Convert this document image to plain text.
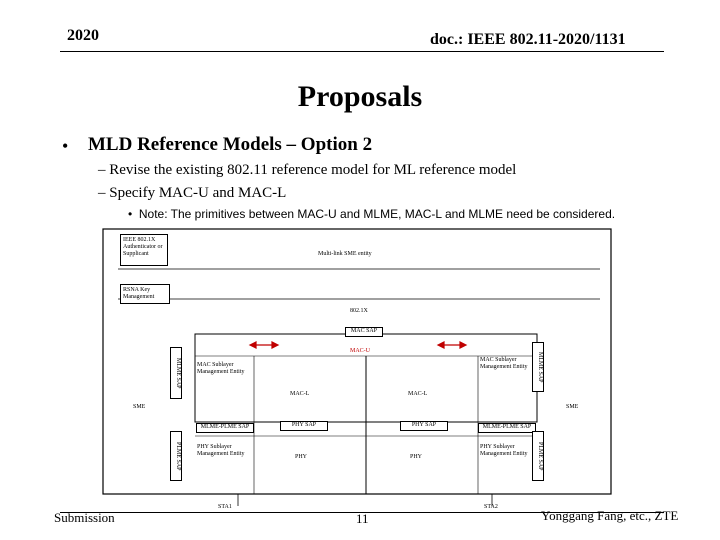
2020	doc.: IEEE 802.11-2020/1131
Proposals
• MLD Reference Models – Option 2
– Revise the existing 802.11 reference model for ML reference model
– Specify MAC-U and MAC-L
•  Note: The primitives between MAC-U and MLME, MAC-L and MLME need be considered.
IEEE 802.1X Authenticator or Supplicant	Multi-link SME entity
RSNA Key Management
802.1X
MAC SAP
MAC-U
MLME SAP	MAC Sublayer Management Entity
MAC-L	MAC-L
MLME SAP
MAC Sublayer Management Entity
SME	SME
MLME-PLME SAP	PHY SAP	PHY SAP	MLME-PLME SAP
PLME SAP	PLME SAP
PHY Sublayer Management Entity	PHY	PHY
PHY Sublayer Management Entity
STA1	STA2
Submission	11	Yonggang Fang, etc., ZTE
